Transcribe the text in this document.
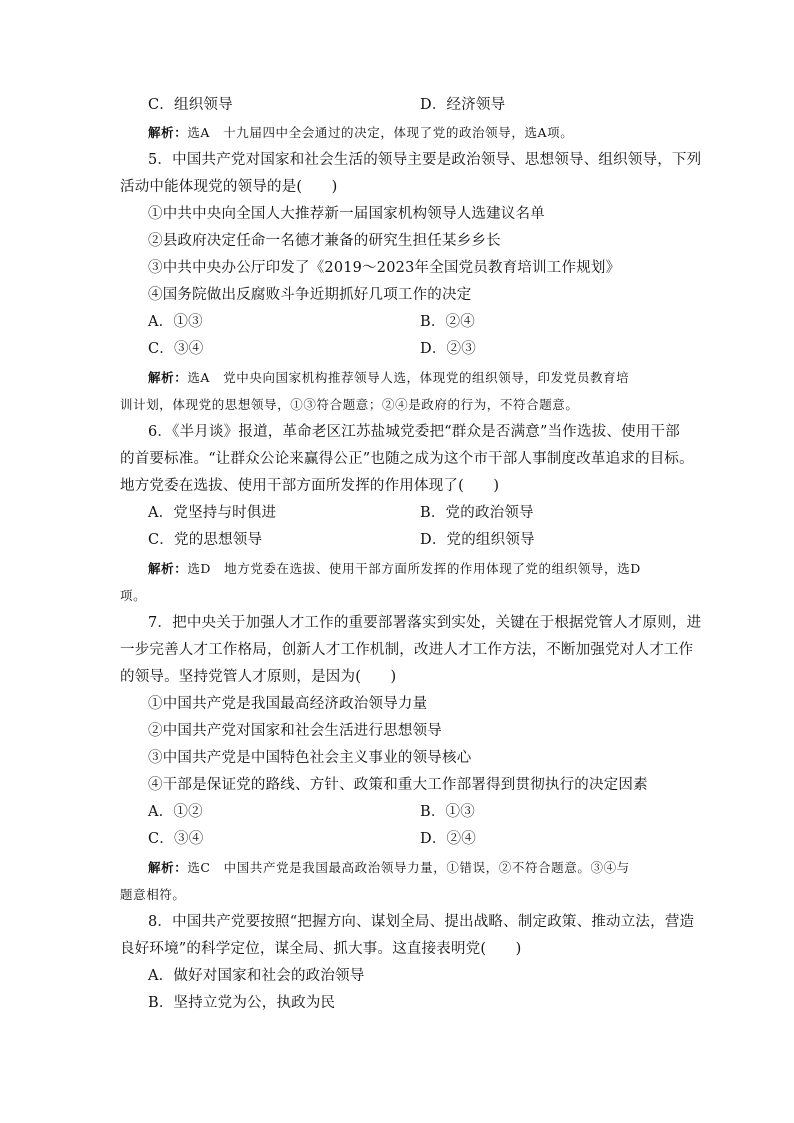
C．组织领导	D．经济领导
解析：选A　十九届四中全会通过的决定，体现了党的政治领导，选A项。
5．中国共产党对国家和社会生活的领导主要是政治领导、思想领导、组织领导，下列
活动中能体现党的领导的是(　　)
①中共中央向全国人大推荐新一届国家机构领导人选建议名单
②县政府决定任命一名德才兼备的研究生担任某乡乡长
③中共中央办公厅印发了《2019～2023年全国党员教育培训工作规划》
④国务院做出反腐败斗争近期抓好几项工作的决定
A．①③	B．②④
C．③④	D．②③
解析：选A　党中央向国家机构推荐领导人选，体现党的组织领导，印发党员教育培
训计划，体现党的思想领导，①③符合题意；②④是政府的行为，不符合题意。
6．《半月谈》报道，革命老区江苏盐城党委把“群众是否满意”当作选拔、使用干部
的首要标准。“让群众公论来赢得公正”也随之成为这个市干部人事制度改革追求的目标。
地方党委在选拔、使用干部方面所发挥的作用体现了(　　)
A．党坚持与时俱进	B．党的政治领导
C．党的思想领导	D．党的组织领导
解析：选D　地方党委在选拔、使用干部方面所发挥的作用体现了党的组织领导，选D
项。
7．把中央关于加强人才工作的重要部署落实到实处，关键在于根据党管人才原则，进
一步完善人才工作格局，创新人才工作机制，改进人才工作方法，不断加强党对人才工作
的领导。坚持党管人才原则，是因为(　　)
①中国共产党是我国最高经济政治领导力量
②中国共产党对国家和社会生活进行思想领导
③中国共产党是中国特色社会主义事业的领导核心
④干部是保证党的路线、方针、政策和重大工作部署得到贯彻执行的决定因素
A．①②	B．①③
C．③④	D．②④
解析：选C　中国共产党是我国最高政治领导力量，①错误，②不符合题意。③④与
题意相符。
8．中国共产党要按照“把握方向、谋划全局、提出战略、制定政策、推动立法，营造
良好环境”的科学定位，谋全局、抓大事。这直接表明党(　　)
A．做好对国家和社会的政治领导
B．坚持立党为公，执政为民
